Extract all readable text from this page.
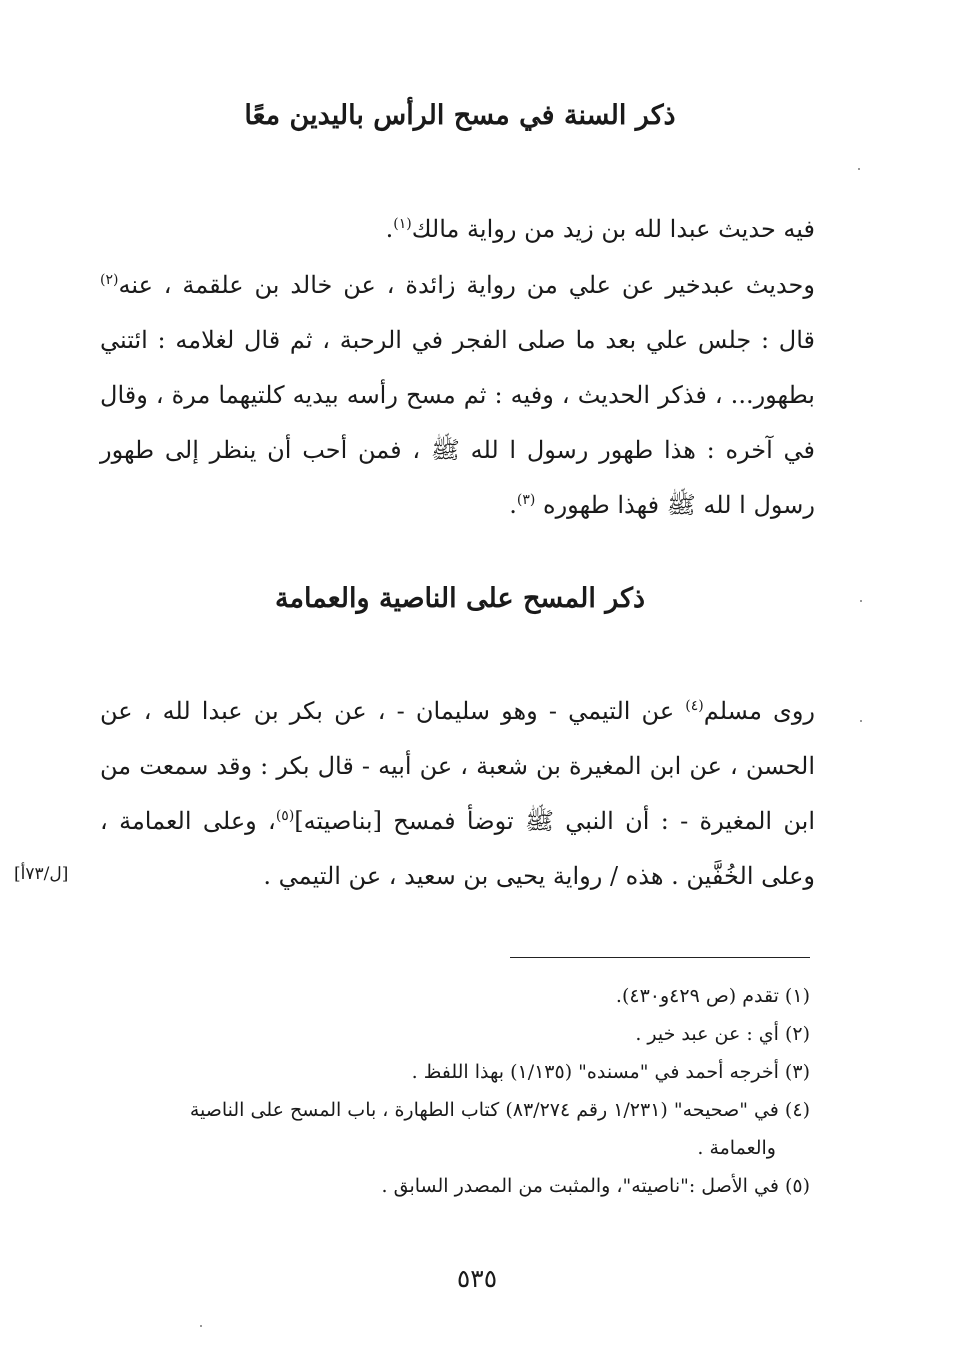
ذكر السنة في مسح الرأس باليدين معًا

فيه حديث عبدا لله بن زيد من رواية مالك$^{(١)}$.

وحديث عبدخير عن علي من رواية زائدة ، عن خالد بن علقمة ، عنه$^{(٢)}$ قال : جلس علي بعد ما صلى الفجر في الرحبة ، ثم قال لغلامه : ائتني بطهور... ، فذكر الحديث ، وفيه : ثم مسح رأسه بيديه كلتيهما مرة ، وقال في آخره : هذا طهور رسول ا لله ﷺ ، فمن أحب أن ينظر إلى طهور رسول ا لله ﷺ فهذا طهوره $^{(٣)}$.

ذكر المسح على الناصية والعمامة

روى مسلم$^{(٤)}$ عن التيمي - وهو سليمان - ، عن بكر بن عبدا لله ، عن الحسن ، عن ابن المغيرة بن شعبة ، عن أبيه - قال بكر : وقد سمعت من ابن المغيرة - : أن النبي ﷺ توضأ فمسح [بناصيته]$^{(٥)}$، وعلى العمامة ، وعلى الخُفَّين . هذه / رواية يحيى بن سعيد ، عن التيمي .

[ل/٧٣أ]

(١) تقدم (ص ٤٢٩و٤٣٠).

(٢) أي : عن عبد خير .

(٣) أخرجه أحمد في "مسنده" (١/١٣٥) بهذا اللفظ .

(٤) في "صحيحه" (١/٢٣١ رقم ٨٣/٢٧٤) كتاب الطهارة ، باب المسح على الناصية

والعمامة .

(٥) في الأصل :"ناصيته"، والمثبت من المصدر السابق .

٥٣٥
